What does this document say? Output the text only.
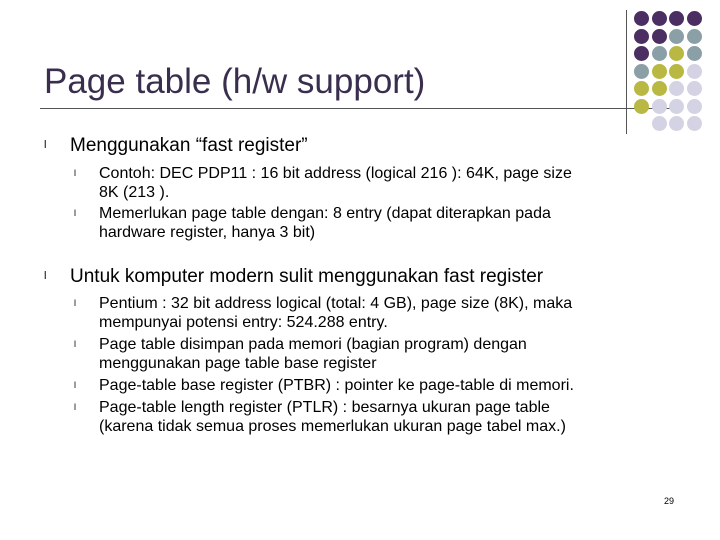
Page table (h/w support)
l	Menggunakan “fast register”
l	Contoh: DEC PDP11 : 16 bit address (logical 216 ): 64K, page size
8K (213 ).
l	Memerlukan page table dengan: 8 entry (dapat diterapkan pada
hardware register, hanya 3 bit)
l	Untuk komputer modern sulit menggunakan fast register
l	Pentium : 32 bit address logical (total: 4 GB), page size (8K), maka
mempunyai potensi entry: 524.288 entry.
l	Page table disimpan pada memori (bagian program) dengan
menggunakan page table base register
l	Page-table base register (PTBR) : pointer ke page-table di memori.
l	Page-table length register (PTLR) : besarnya ukuran page table
(karena tidak semua proses memerlukan ukuran page tabel max.)
29
